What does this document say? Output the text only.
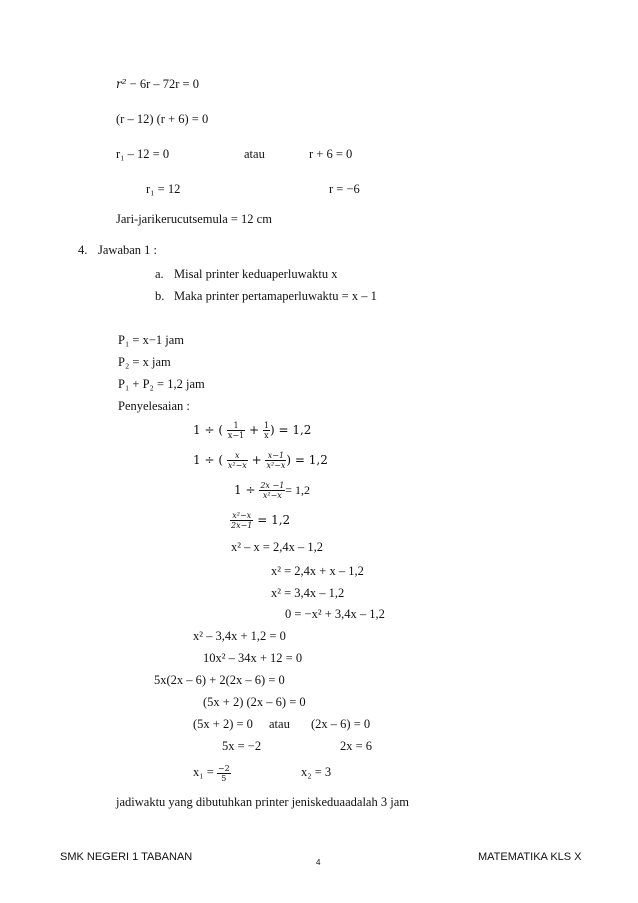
r² − 6r – 72r = 0
(r – 12) (r + 6) = 0
r₁ – 12 = 0	atau	r + 6 = 0
r₁ = 12	r = −6
Jari-jarikerucutsemula = 12 cm
4. Jawaban 1 :
a. Misal printer keduaperluwaktu x
b. Maka printer pertamaperluwaktu = x – 1
P₁ = x−1 jam
P₂ = x jam
P₁ + P₂ = 1,2 jam
Penyelesaian :
1 ÷ ( $\frac{1}{x-1} + \frac{1}{x}$ ) = 1,2
1 ÷ ( $\frac{x}{\text{x²−x}} + \frac{x-1}{\text{x²−x}}$ ) = 1,2
$1 \div \frac{2x -1}{\text{x²−x}} = 1,2$
$\frac{\text{x²−x}}{2x-1} = 1,2$
x² – x = 2,4x – 1,2
x² = 2,4x + x – 1,2
x² = 3,4x – 1,2
0 = −x² + 3,4x – 1,2
x² – 3,4x + 1,2 = 0
10x² – 34x + 12 = 0
5x(2x – 6) + 2(2x – 6) = 0
(5x + 2) (2x – 6) = 0
(5x + 2) = 0 atau (2x – 6) = 0
5x = −2	2x = 6
$x_1 = \frac{-2}{5}$	x₂ = 3
jadiwaktu yang dibutuhkan printer jeniskeduaadalah 3 jam
SMK NEGERI 1 TABANAN	4	MATEMATIKA KLS X
